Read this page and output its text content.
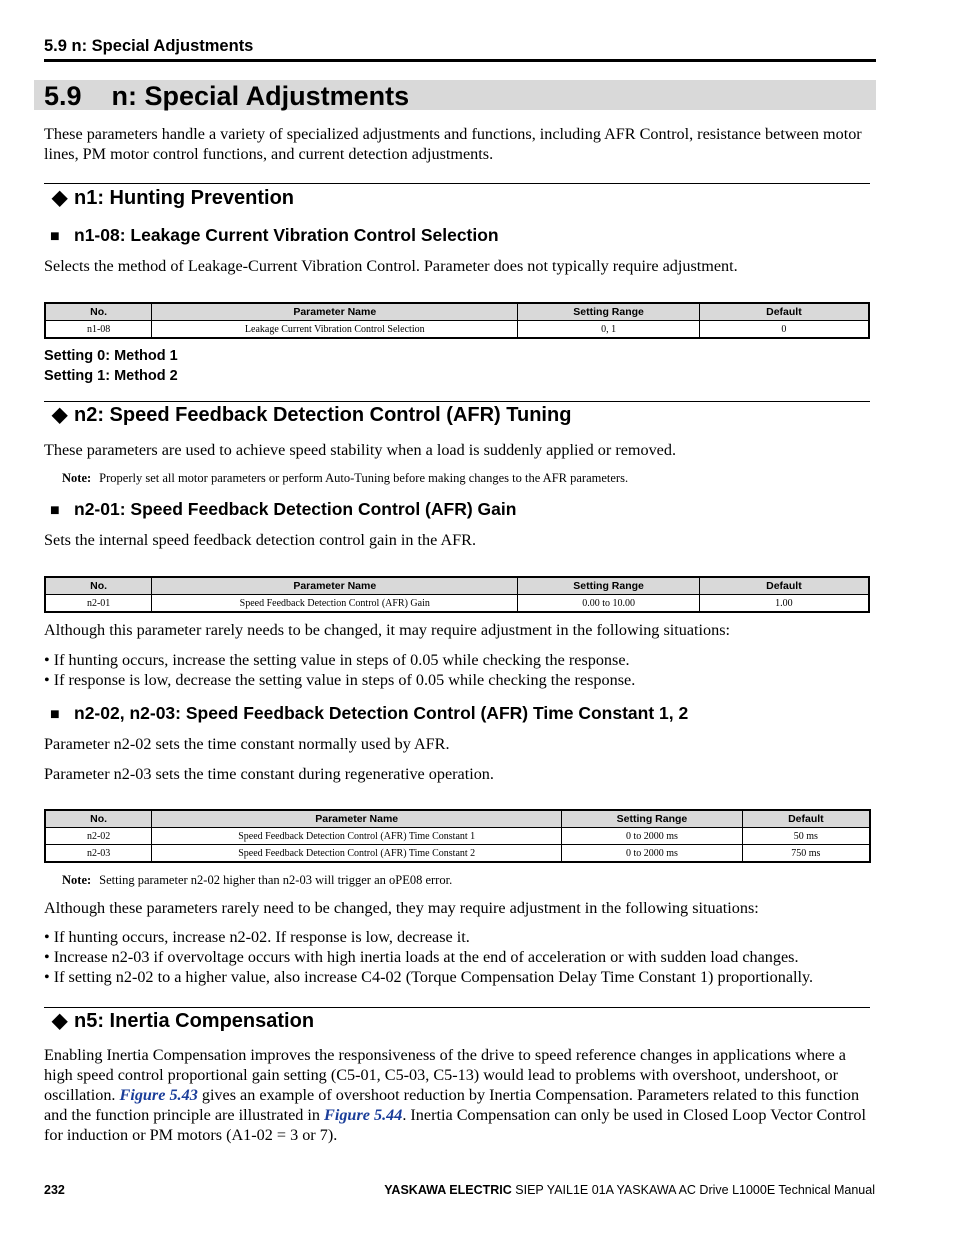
5.9 n: Special Adjustments
5.9    n: Special Adjustments
These parameters handle a variety of specialized adjustments and functions, including AFR Control, resistance between motor lines, PM motor control functions, and current detection adjustments.
◆ n1: Hunting Prevention
■ n1-08: Leakage Current Vibration Control Selection
Selects the method of Leakage-Current Vibration Control. Parameter does not typically require adjustment.
No.	Parameter Name	Setting Range	Default
n1-08	Leakage Current Vibration Control Selection	0, 1	0
Setting 0: Method 1
Setting 1: Method 2
◆ n2: Speed Feedback Detection Control (AFR) Tuning
These parameters are used to achieve speed stability when a load is suddenly applied or removed.
Note: Properly set all motor parameters or perform Auto-Tuning before making changes to the AFR parameters.
■ n2-01: Speed Feedback Detection Control (AFR) Gain
Sets the internal speed feedback detection control gain in the AFR.
No.	Parameter Name	Setting Range	Default
n2-01	Speed Feedback Detection Control (AFR) Gain	0.00 to 10.00	1.00
Although this parameter rarely needs to be changed, it may require adjustment in the following situations:
• If hunting occurs, increase the setting value in steps of 0.05 while checking the response.
• If response is low, decrease the setting value in steps of 0.05 while checking the response.
■ n2-02, n2-03: Speed Feedback Detection Control (AFR) Time Constant 1, 2
Parameter n2-02 sets the time constant normally used by AFR.
Parameter n2-03 sets the time constant during regenerative operation.
No.	Parameter Name	Setting Range	Default
n2-02	Speed Feedback Detection Control (AFR) Time Constant 1	0 to 2000 ms	50 ms
n2-03	Speed Feedback Detection Control (AFR) Time Constant 2	0 to 2000 ms	750 ms
Note: Setting parameter n2-02 higher than n2-03 will trigger an oPE08 error.
Although these parameters rarely need to be changed, they may require adjustment in the following situations:
• If hunting occurs, increase n2-02. If response is low, decrease it.
• Increase n2-03 if overvoltage occurs with high inertia loads at the end of acceleration or with sudden load changes.
• If setting n2-02 to a higher value, also increase C4-02 (Torque Compensation Delay Time Constant 1) proportionally.
◆ n5: Inertia Compensation
Enabling Inertia Compensation improves the responsiveness of the drive to speed reference changes in applications where a high speed control proportional gain setting (C5-01, C5-03, C5-13) would lead to problems with overshoot, undershoot, or oscillation. Figure 5.43 gives an example of overshoot reduction by Inertia Compensation. Parameters related to this function and the function principle are illustrated in Figure 5.44. Inertia Compensation can only be used in Closed Loop Vector Control for induction or PM motors (A1-02 = 3 or 7).
232	YASKAWA ELECTRIC SIEP YAIL1E 01A YASKAWA AC Drive L1000E Technical Manual
